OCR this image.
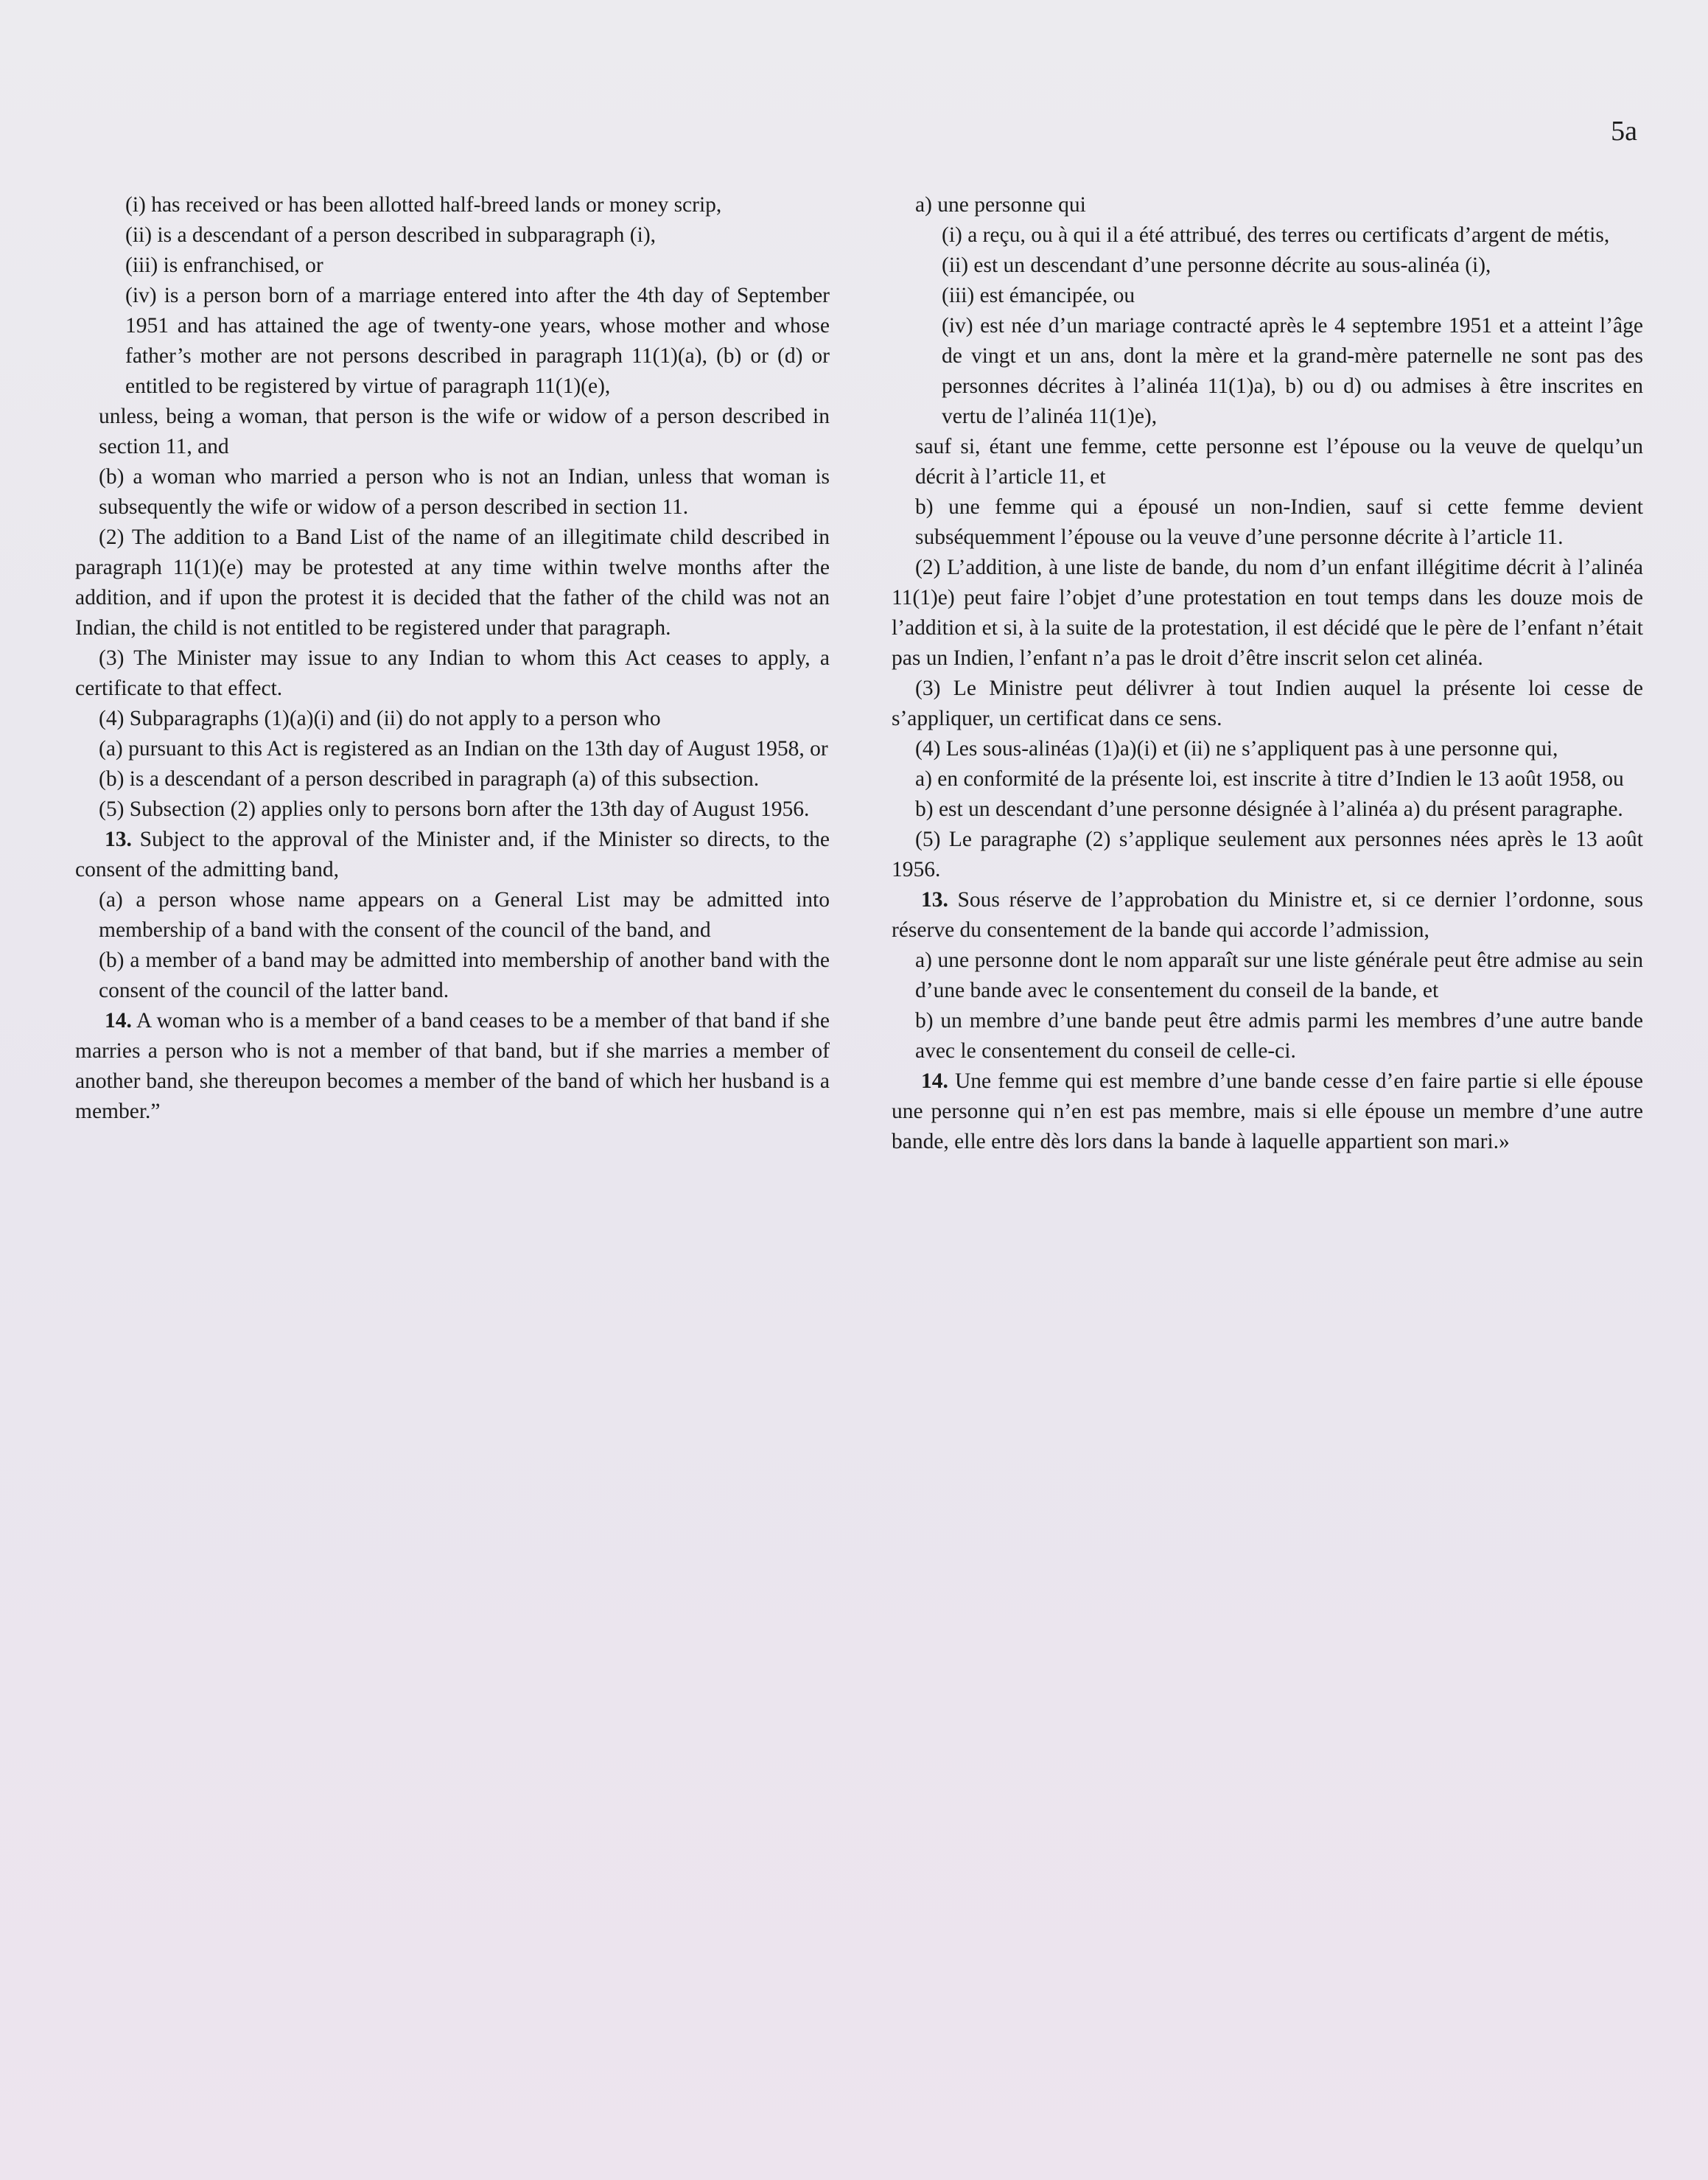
5a

(i) has received or has been allotted half-breed lands or money scrip,

(ii) is a descendant of a person described in subparagraph (i),

(iii) is enfranchised, or

(iv) is a person born of a marriage entered into after the 4th day of September 1951 and has attained the age of twenty-one years, whose mother and whose father’s mother are not persons described in paragraph 11(1)(a), (b) or (d) or entitled to be registered by virtue of paragraph 11(1)(e),

unless, being a woman, that person is the wife or widow of a person described in section 11, and

(b) a woman who married a person who is not an Indian, unless that woman is subsequently the wife or widow of a person described in section 11.

(2) The addition to a Band List of the name of an illegitimate child described in paragraph 11(1)(e) may be protested at any time within twelve months after the addition, and if upon the protest it is decided that the father of the child was not an Indian, the child is not entitled to be registered under that paragraph.

(3) The Minister may issue to any Indian to whom this Act ceases to apply, a certificate to that effect.

(4) Subparagraphs (1)(a)(i) and (ii) do not apply to a person who

(a) pursuant to this Act is registered as an Indian on the 13th day of August 1958, or

(b) is a descendant of a person described in paragraph (a) of this subsection.

(5) Subsection (2) applies only to persons born after the 13th day of August 1956.

13. Subject to the approval of the Minister and, if the Minister so directs, to the consent of the admitting band,

(a) a person whose name appears on a General List may be admitted into membership of a band with the consent of the council of the band, and

(b) a member of a band may be admitted into membership of another band with the consent of the council of the latter band.

14. A woman who is a member of a band ceases to be a member of that band if she marries a person who is not a member of that band, but if she marries a member of another band, she thereupon becomes a member of the band of which her husband is a member.”

a) une personne qui

(i) a reçu, ou à qui il a été attribué, des terres ou certificats d’argent de métis,

(ii) est un descendant d’une personne décrite au sous-alinéa (i),

(iii) est émancipée, ou

(iv) est née d’un mariage contracté après le 4 septembre 1951 et a atteint l’âge de vingt et un ans, dont la mère et la grand-mère paternelle ne sont pas des personnes décrites à l’alinéa 11(1)a), b) ou d) ou admises à être inscrites en vertu de l’alinéa 11(1)e),

sauf si, étant une femme, cette personne est l’épouse ou la veuve de quelqu’un décrit à l’article 11, et

b) une femme qui a épousé un non-Indien, sauf si cette femme devient subséquemment l’épouse ou la veuve d’une personne décrite à l’article 11.

(2) L’addition, à une liste de bande, du nom d’un enfant illégitime décrit à l’alinéa 11(1)e) peut faire l’objet d’une protestation en tout temps dans les douze mois de l’addition et si, à la suite de la protestation, il est décidé que le père de l’enfant n’était pas un Indien, l’enfant n’a pas le droit d’être inscrit selon cet alinéa.

(3) Le Ministre peut délivrer à tout Indien auquel la présente loi cesse de s’appliquer, un certificat dans ce sens.

(4) Les sous-alinéas (1)a)(i) et (ii) ne s’appliquent pas à une personne qui,

a) en conformité de la présente loi, est inscrite à titre d’Indien le 13 août 1958, ou

b) est un descendant d’une personne désignée à l’alinéa a) du présent paragraphe.

(5) Le paragraphe (2) s’applique seulement aux personnes nées après le 13 août 1956.

13. Sous réserve de l’approbation du Ministre et, si ce dernier l’ordonne, sous réserve du consentement de la bande qui accorde l’admission,

a) une personne dont le nom apparaît sur une liste générale peut être admise au sein d’une bande avec le consentement du conseil de la bande, et

b) un membre d’une bande peut être admis parmi les membres d’une autre bande avec le consentement du conseil de celle-ci.

14. Une femme qui est membre d’une bande cesse d’en faire partie si elle épouse une personne qui n’en est pas membre, mais si elle épouse un membre d’une autre bande, elle entre dès lors dans la bande à laquelle appartient son mari.»
